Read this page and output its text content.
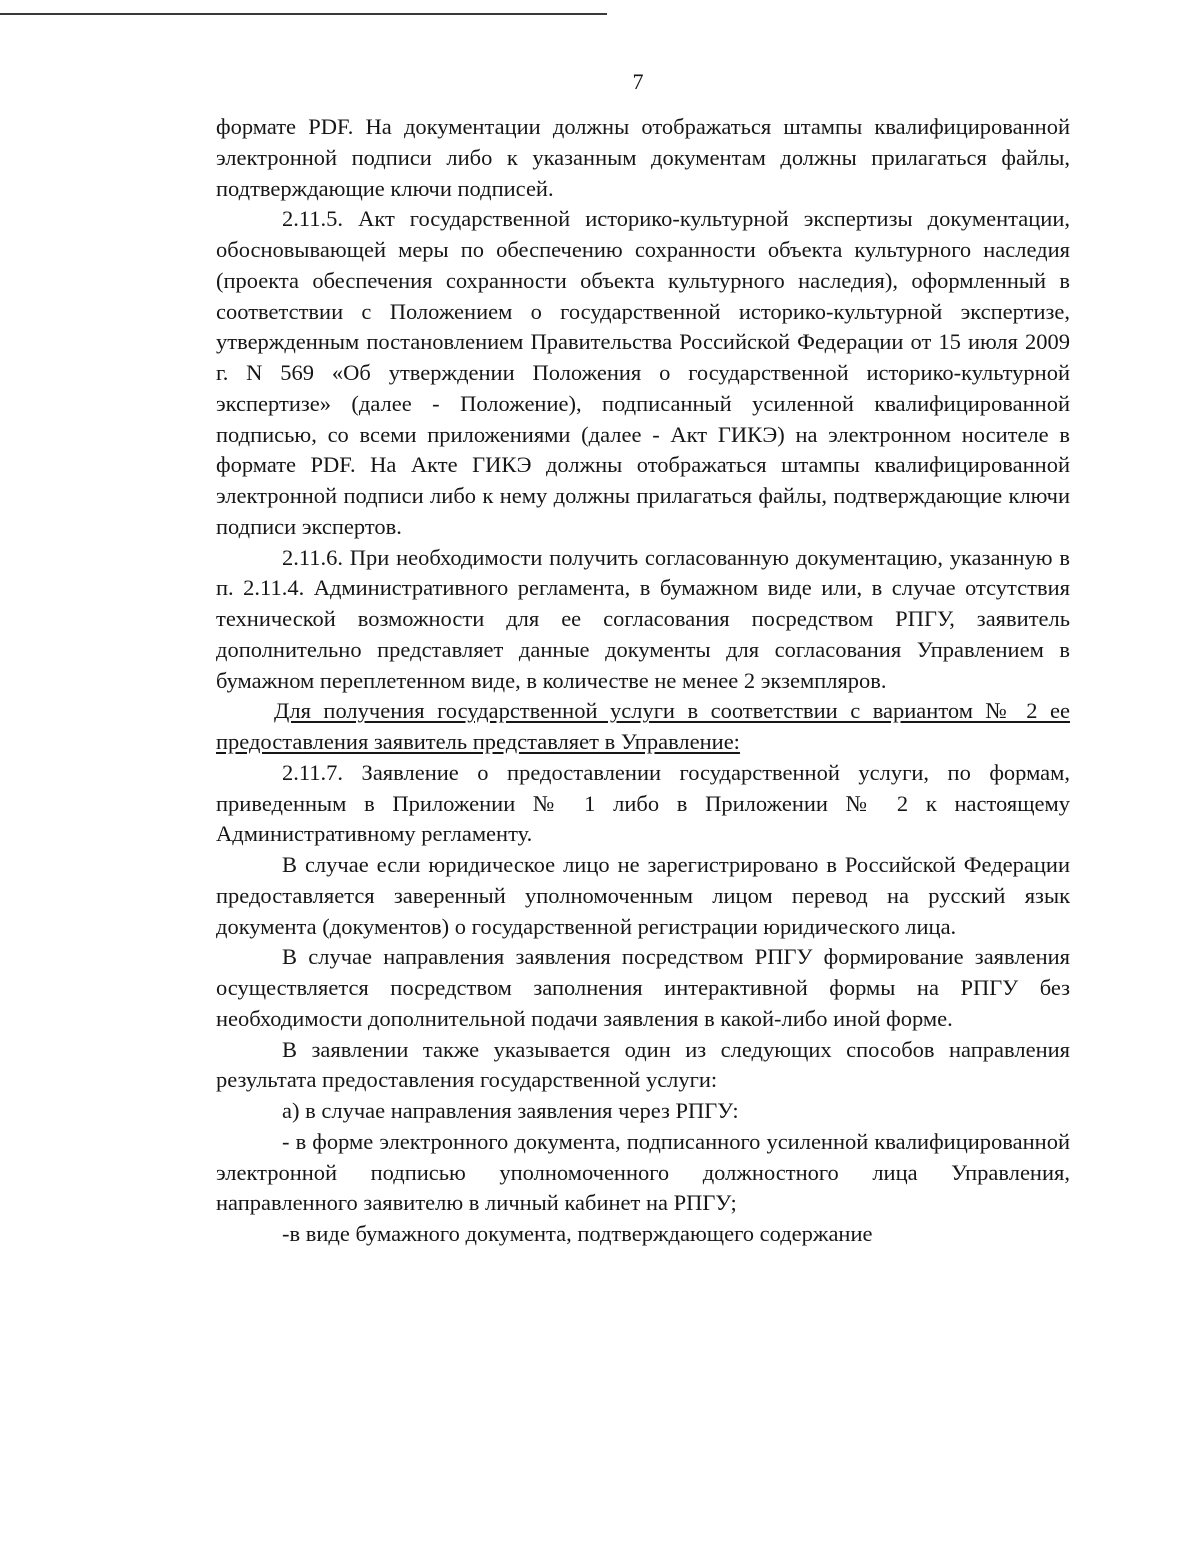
7

формате PDF. На документации должны отображаться штампы квалифицированной электронной подписи либо к указанным документам должны прилагаться файлы, подтверждающие ключи подписей.

2.11.5. Акт государственной историко-культурной экспертизы документации, обосновывающей меры по обеспечению сохранности объекта культурного наследия (проекта обеспечения сохранности объекта культурного наследия), оформленный в соответствии с Положением о государственной историко-культурной экспертизе, утвержденным постановлением Правительства Российской Федерации от 15 июля 2009 г. N 569 «Об утверждении Положения о государственной историко-культурной экспертизе» (далее - Положение), подписанный усиленной квалифицированной подписью, со всеми приложениями (далее - Акт ГИКЭ) на электронном носителе в формате PDF. На Акте ГИКЭ должны отображаться штампы квалифицированной электронной подписи либо к нему должны прилагаться файлы, подтверждающие ключи подписи экспертов.

2.11.6. При необходимости получить согласованную документацию, указанную в п. 2.11.4. Административного регламента, в бумажном виде или, в случае отсутствия технической возможности для ее согласования посредством РПГУ, заявитель дополнительно представляет данные документы для согласования Управлением в бумажном переплетенном виде, в количестве не менее 2 экземпляров.

Для получения государственной услуги в соответствии с вариантом № 2 ее предоставления заявитель представляет в Управление:

2.11.7. Заявление о предоставлении государственной услуги, по формам, приведенным в Приложении № 1 либо в Приложении № 2 к настоящему Административному регламенту.

В случае если юридическое лицо не зарегистрировано в Российской Федерации предоставляется заверенный уполномоченным лицом перевод на русский язык документа (документов) о государственной регистрации юридического лица.

В случае направления заявления посредством РПГУ формирование заявления осуществляется посредством заполнения интерактивной формы на РПГУ без необходимости дополнительной подачи заявления в какой-либо иной форме.

В заявлении также указывается один из следующих способов направления результата предоставления государственной услуги:

а) в случае направления заявления через РПГУ:

- в форме электронного документа, подписанного усиленной квалифицированной электронной подписью уполномоченного должностного лица Управления, направленного заявителю в личный кабинет на РПГУ;

-в виде бумажного документа, подтверждающего содержание
